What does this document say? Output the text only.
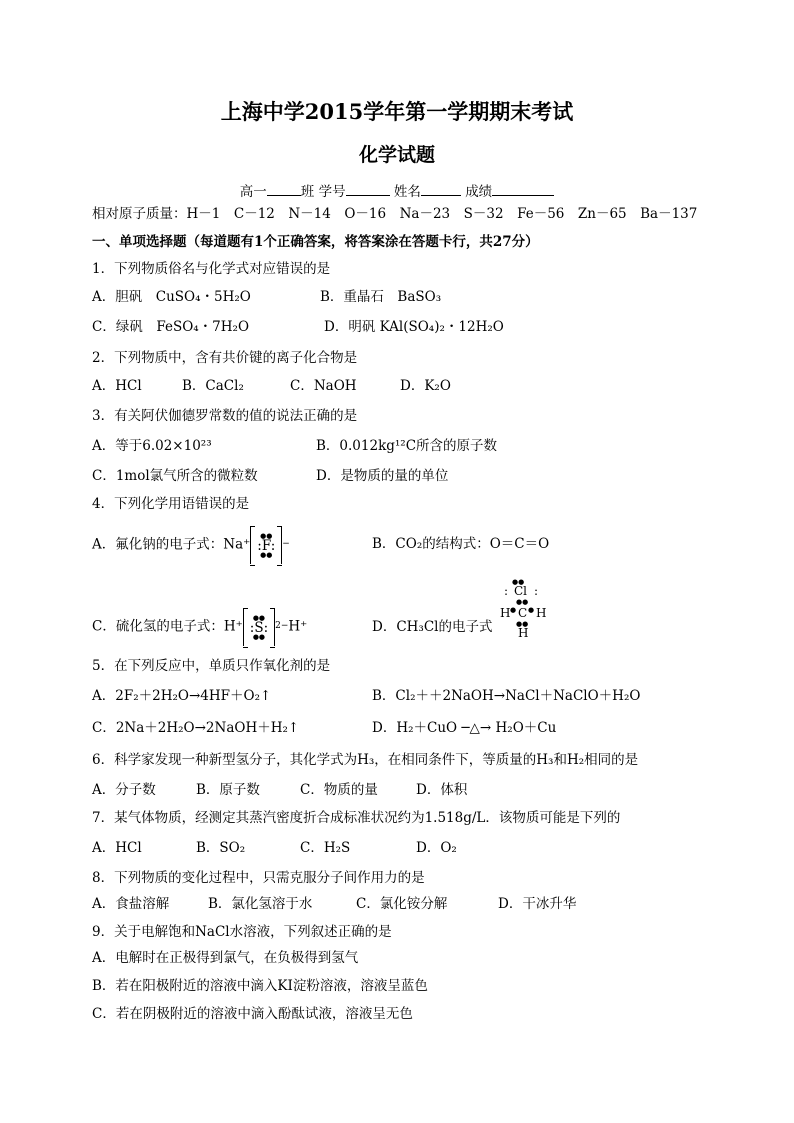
上海中学2015学年第一学期期末考试
化学试题
高一	班 学号	姓名	成绩
相对原子质量：H－1　C－12　N－14　O－16　Na－23　S－32　Fe－56　Zn－65　Ba－137
一、单项选择题（每道题有1个正确答案，将答案涂在答题卡行，共27分）
1．下列物质俗名与化学式对应错误的是
A．胆矾　CuSO₄・5H₂O	B．重晶石　BaSO₃
C．绿矾　FeSO₄・7H₂O	D．明矾 KAl(SO₄)₂・12H₂O
2．下列物质中，含有共价键的离子化合物是
A．HCl	B．CaCl₂	C．NaOH	D．K₂O
3．有关阿伏伽德罗常数的值的说法正确的是
A．等于6.02×10²³	B．0.012kg¹²C所含的原子数
C．1mol氯气所含的微粒数	D．是物质的量的单位
4．下列化学用语错误的是
A．氟化钠的电子式：Na⁺
●●
:F:
●●
−	B．CO₂的结构式：O＝C＝O
C．硫化氢的电子式：H⁺
●●
:S:
●●
$^{2-}$H⁺	D．CH₃Cl的电子式
●●
: Cl :
●●
H ● C ● H
●●
H
5．在下列反应中，单质只作氧化剂的是
A．2F₂＋2H₂O→4HF＋O₂↑	B．Cl₂＋＋2NaOH→NaCl＋NaClO＋H₂O
C．2Na＋2H₂O→2NaOH＋H₂↑	D．H₂＋CuO ─△→ H₂O＋Cu
6．科学家发现一种新型氢分子，其化学式为H₃，在相同条件下，等质量的H₃和H₂相同的是
A．分子数	B．原子数	C．物质的量	D．体积
7．某气体物质，经测定其蒸汽密度折合成标准状况约为1.518g/L．该物质可能是下列的
A．HCl	B．SO₂	C．H₂S	D．O₂
8．下列物质的变化过程中，只需克服分子间作用力的是
A．食盐溶解	B．氯化氢溶于水	C．氯化铵分解	D．干冰升华
9．关于电解饱和NaCl水溶液，下列叙述正确的是
A．电解时在正极得到氯气，在负极得到氢气
B．若在阳极附近的溶液中滴入KI淀粉溶液，溶液呈蓝色
C．若在阴极附近的溶液中滴入酚酞试液，溶液呈无色
